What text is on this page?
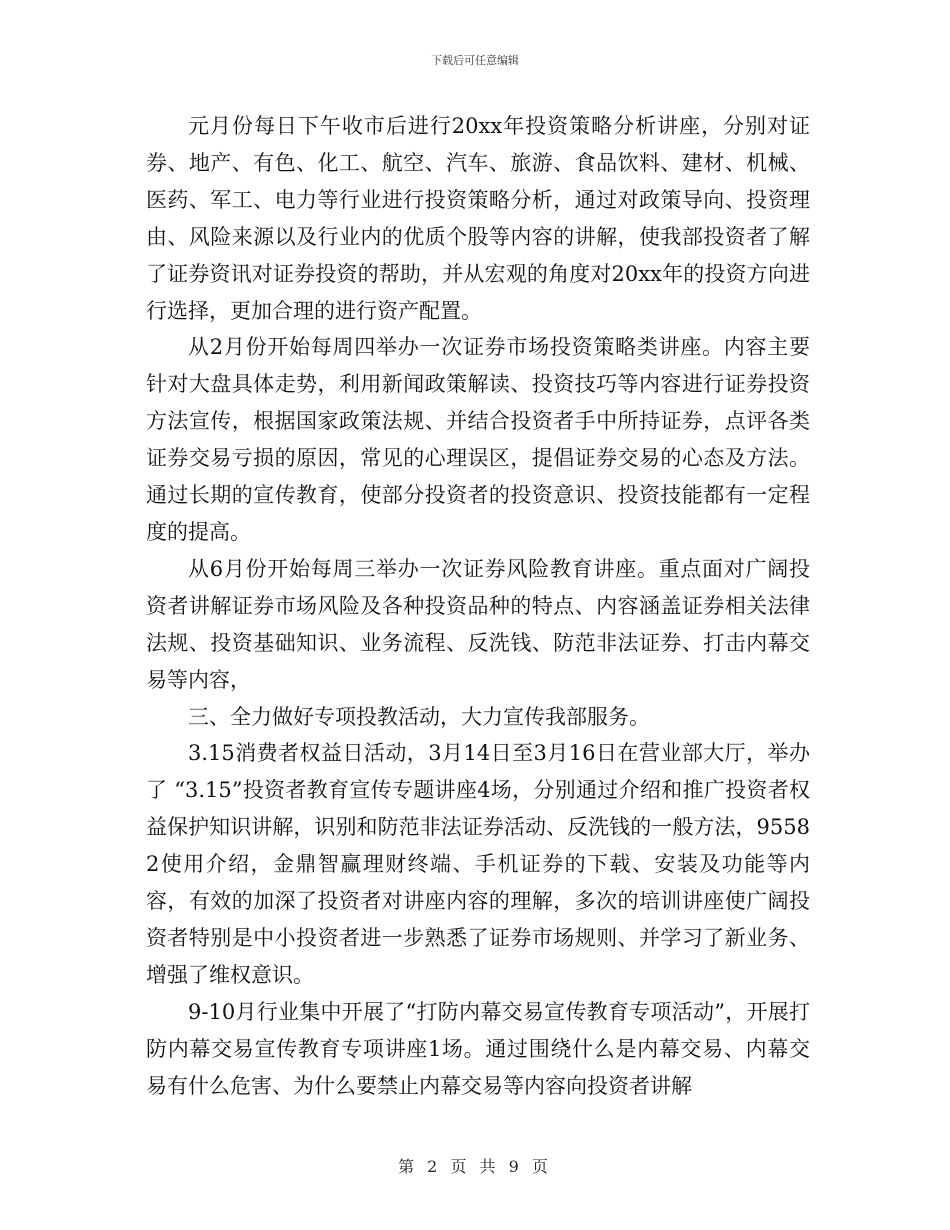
下载后可任意编辑

元月份每日下午收市后进行20xx年投资策略分析讲座，分别对证券、地产、有色、化工、航空、汽车、旅游、食品饮料、建材、机械、医药、军工、电力等行业进行投资策略分析，通过对政策导向、投资理由、风险来源以及行业内的优质个股等内容的讲解，使我部投资者了解了证券资讯对证券投资的帮助，并从宏观的角度对20xx年的投资方向进行选择，更加合理的进行资产配置。

从2月份开始每周四举办一次证券市场投资策略类讲座。内容主要针对大盘具体走势，利用新闻政策解读、投资技巧等内容进行证券投资方法宣传，根据国家政策法规、并结合投资者手中所持证券，点评各类证券交易亏损的原因，常见的心理误区，提倡证券交易的心态及方法。通过长期的宣传教育，使部分投资者的投资意识、投资技能都有一定程度的提高。

从6月份开始每周三举办一次证券风险教育讲座。重点面对广阔投资者讲解证券市场风险及各种投资品种的特点、内容涵盖证券相关法律法规、投资基础知识、业务流程、反洗钱、防范非法证券、打击内幕交易等内容，

三、全力做好专项投教活动，大力宣传我部服务。

3.15消费者权益日活动，3月14日至3月16日在营业部大厅，举办了 “3.15”投资者教育宣传专题讲座4场，分别通过介绍和推广投资者权益保护知识讲解，识别和防范非法证券活动、反洗钱的一般方法，95582使用介绍，金鼎智赢理财终端、手机证券的下载、安装及功能等内容，有效的加深了投资者对讲座内容的理解，多次的培训讲座使广阔投资者特别是中小投资者进一步熟悉了证券市场规则、并学习了新业务、增强了维权意识。

9-10月行业集中开展了“打防内幕交易宣传教育专项活动”，开展打防内幕交易宣传教育专项讲座1场。通过围绕什么是内幕交易、内幕交易有什么危害、为什么要禁止内幕交易等内容向投资者讲解

第 2 页 共 9 页
